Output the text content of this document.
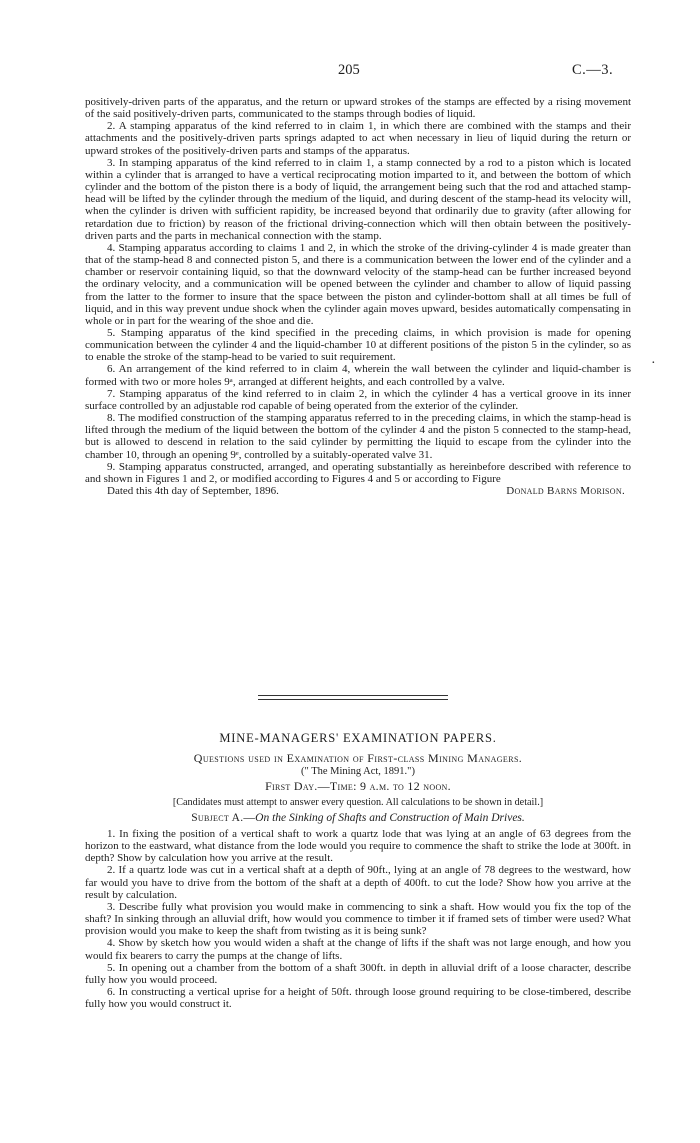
205	C.—3.

positively-driven parts of the apparatus, and the return or upward strokes of the stamps are effected by a rising movement of the said positively-driven parts, communicated to the stamps through bodies of liquid.

2. A stamping apparatus of the kind referred to in claim 1, in which there are combined with the stamps and their attachments and the positively-driven parts springs adapted to act when necessary in lieu of liquid during the return or upward strokes of the positively-driven parts and stamps of the apparatus.

3. In stamping apparatus of the kind referred to in claim 1, a stamp connected by a rod to a piston which is located within a cylinder that is arranged to have a vertical reciprocating motion imparted to it, and between the bottom of which cylinder and the bottom of the piston there is a body of liquid, the arrangement being such that the rod and attached stamp-head will be lifted by the cylinder through the medium of the liquid, and during descent of the stamp-head its velocity will, when the cylinder is driven with sufficient rapidity, be increased beyond that ordinarily due to gravity (after allowing for retardation due to friction) by reason of the frictional driving-connection which will then obtain between the positively-driven parts and the parts in mechanical connection with the stamp.

4. Stamping apparatus according to claims 1 and 2, in which the stroke of the driving-cylinder 4 is made greater than that of the stamp-head 8 and connected piston 5, and there is a communication between the lower end of the cylinder and a chamber or reservoir containing liquid, so that the downward velocity of the stamp-head can be further increased beyond the ordinary velocity, and a communication will be opened between the cylinder and chamber to allow of liquid passing from the latter to the former to insure that the space between the piston and cylinder-bottom shall at all times be full of liquid, and in this way prevent undue shock when the cylinder again moves upward, besides automatically compensating in whole or in part for the wearing of the shoe and die.

5. Stamping apparatus of the kind specified in the preceding claims, in which provision is made for opening communication between the cylinder 4 and the liquid-chamber 10 at different positions of the piston 5 in the cylinder, so as to enable the stroke of the stamp-head to be varied to suit requirement.

6. An arrangement of the kind referred to in claim 4, wherein the wall between the cylinder and liquid-chamber is formed with two or more holes 9ᵃ, arranged at different heights, and each controlled by a valve.

7. Stamping apparatus of the kind referred to in claim 2, in which the cylinder 4 has a vertical groove in its inner surface controlled by an adjustable rod capable of being operated from the exterior of the cylinder.

8. The modified construction of the stamping apparatus referred to in the preceding claims, in which the stamp-head is lifted through the medium of the liquid between the bottom of the cylinder 4 and the piston 5 connected to the stamp-head, but is allowed to descend in relation to the said cylinder by permitting the liquid to escape from the cylinder into the chamber 10, through an opening 9ᵉ, controlled by a suitably-operated valve 31.

9. Stamping apparatus constructed, arranged, and operating substantially as hereinbefore described with reference to and shown in Figures 1 and 2, or modified according to Figures 4 and 5 or according to Figure

Dated this 4th day of September, 1896.	Donald Barns Morison.
·

MINE-MANAGERS' EXAMINATION PAPERS.

Questions used in Examination of First-class Mining Managers.

(" The Mining Act, 1891.")

First Day.—Time: 9 a.m. to 12 noon.

[Candidates must attempt to answer every question. All calculations to be shown in detail.]

Subject A.—On the Sinking of Shafts and Construction of Main Drives.

1. In fixing the position of a vertical shaft to work a quartz lode that was lying at an angle of 63 degrees from the horizon to the eastward, what distance from the lode would you require to commence the shaft to strike the lode at 300ft. in depth? Show by calculation how you arrive at the result.

2. If a quartz lode was cut in a vertical shaft at a depth of 90ft., lying at an angle of 78 degrees to the westward, how far would you have to drive from the bottom of the shaft at a depth of 400ft. to cut the lode? Show how you arrive at the result by calculation.

3. Describe fully what provision you would make in commencing to sink a shaft. How would you fix the top of the shaft? In sinking through an alluvial drift, how would you commence to timber it if framed sets of timber were used? What provision would you make to keep the shaft from twisting as it is being sunk?

4. Show by sketch how you would widen a shaft at the change of lifts if the shaft was not large enough, and how you would fix bearers to carry the pumps at the change of lifts.

5. In opening out a chamber from the bottom of a shaft 300ft. in depth in alluvial drift of a loose character, describe fully how you would proceed.

6. In constructing a vertical uprise for a height of 50ft. through loose ground requiring to be close-timbered, describe fully how you would construct it.
